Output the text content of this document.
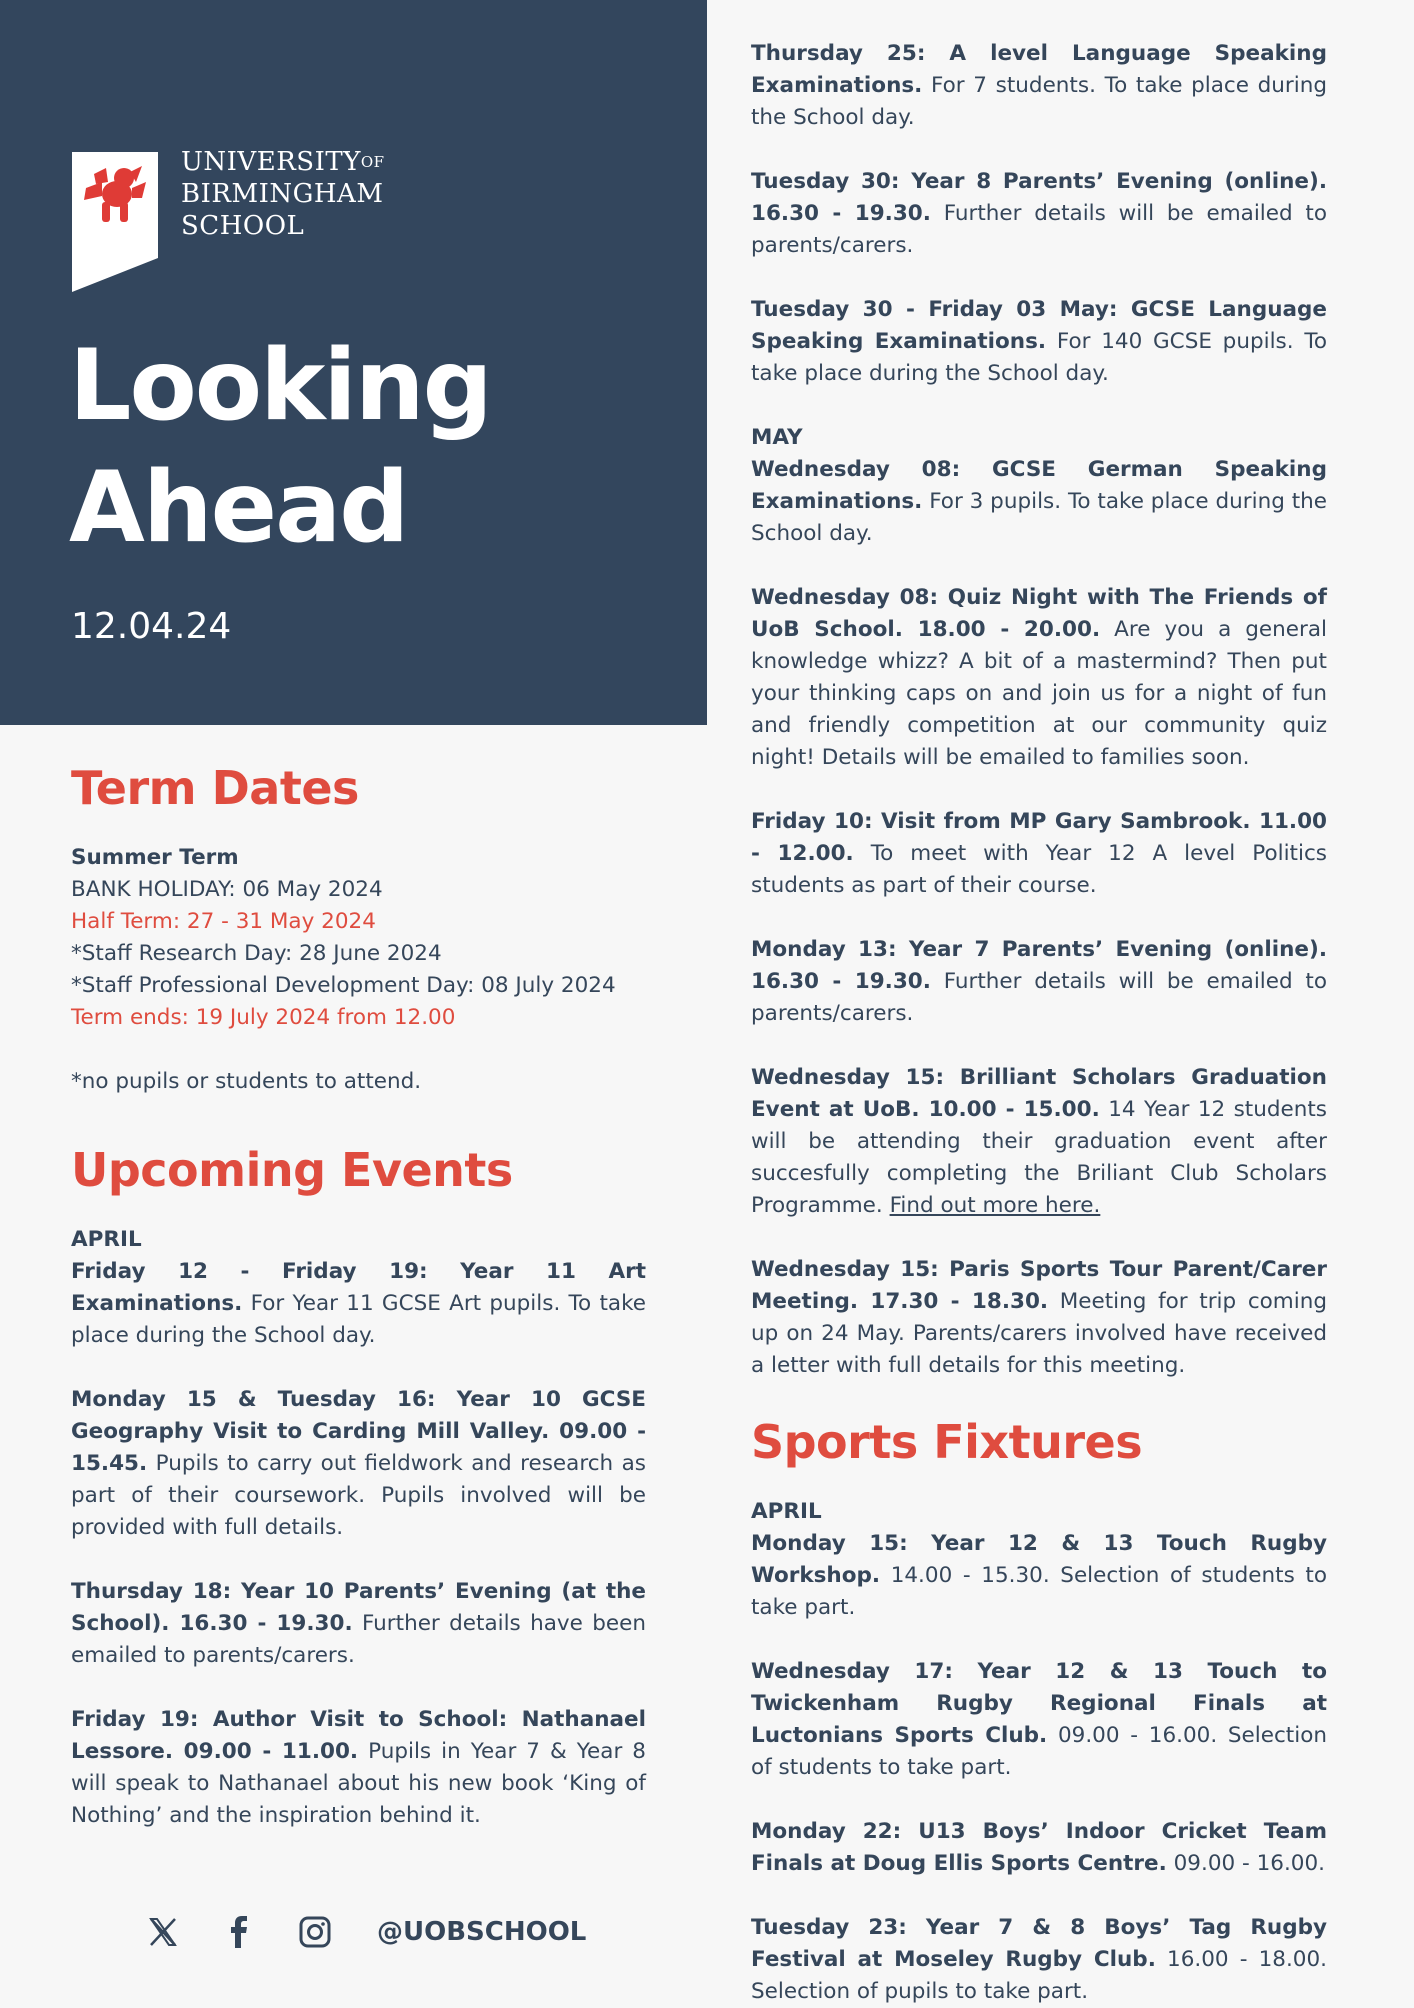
$UNIVERSITY^{OF}$
BIRMINGHAM
SCHOOL
Looking
Ahead
12.04.24
Term Dates

Summer Term

BANK HOLIDAY: 06 May 2024

Half Term: 27 - 31 May 2024

*Staff Research Day: 28 June 2024

*Staff Professional Development Day: 08 July 2024

Term ends: 19 July 2024 from 12.00

*no pupils or students to attend.

Upcoming Events

APRIL

Friday 12 - Friday 19: Year 11 Art Examinations. For Year 11 GCSE Art pupils. To take place during the School day.

Monday 15 & Tuesday 16: Year 10 GCSE Geography Visit to Carding Mill Valley. 09.00 - 15.45. Pupils to carry out fieldwork and research as part of their coursework. Pupils involved will be provided with full details.

Thursday 18: Year 10 Parents’ Evening (at the School). 16.30 - 19.30. Further details have been emailed to parents/carers.

Friday 19: Author Visit to School: Nathanael Lessore. 09.00 - 11.00. Pupils in Year 7 & Year 8 will speak to Nathanael about his new book ‘King of Nothing’ and the inspiration behind it.

Thursday 25: A level Language Speaking Examinations. For 7 students. To take place during the School day.

Tuesday 30: Year 8 Parents’ Evening (online). 16.30 - 19.30. Further details will be emailed to parents/carers.

Tuesday 30 - Friday 03 May: GCSE Language Speaking Examinations. For 140 GCSE pupils. To take place during the School day.

MAY

Wednesday 08: GCSE German Speaking Examinations. For 3 pupils. To take place during the School day.

Wednesday 08: Quiz Night with The Friends of UoB School. 18.00 - 20.00. Are you a general knowledge whizz? A bit of a mastermind? Then put your thinking caps on and join us for a night of fun and friendly competition at our community quiz night! Details will be emailed to families soon.

Friday 10: Visit from MP Gary Sambrook. 11.00 - 12.00. To meet with Year 12 A level Politics students as part of their course.

Monday 13: Year 7 Parents’ Evening (online). 16.30 - 19.30. Further details will be emailed to parents/carers.

Wednesday 15: Brilliant Scholars Graduation Event at UoB. 10.00 - 15.00. 14 Year 12 students will be attending their graduation event after succesfully completing the Briliant Club Scholars Programme. Find out more here.

Wednesday 15: Paris Sports Tour Parent/Carer Meeting. 17.30 - 18.30. Meeting for trip coming up on 24 May. Parents/carers involved have received a letter with full details for this meeting.

Sports Fixtures

APRIL

Monday 15: Year 12 & 13 Touch Rugby Workshop. 14.00 - 15.30. Selection of students to take part.

Wednesday 17: Year 12 & 13 Touch to Twickenham Rugby Regional Finals at Luctonians Sports Club. 09.00 - 16.00. Selection of students to take part.

Monday 22: U13 Boys’ Indoor Cricket Team Finals at Doug Ellis Sports Centre. 09.00 - 16.00.

Tuesday 23: Year 7 & 8 Boys’ Tag Rugby Festival at Moseley Rugby Club. 16.00 - 18.00. Selection of pupils to take part.

@UOBSCHOOL
